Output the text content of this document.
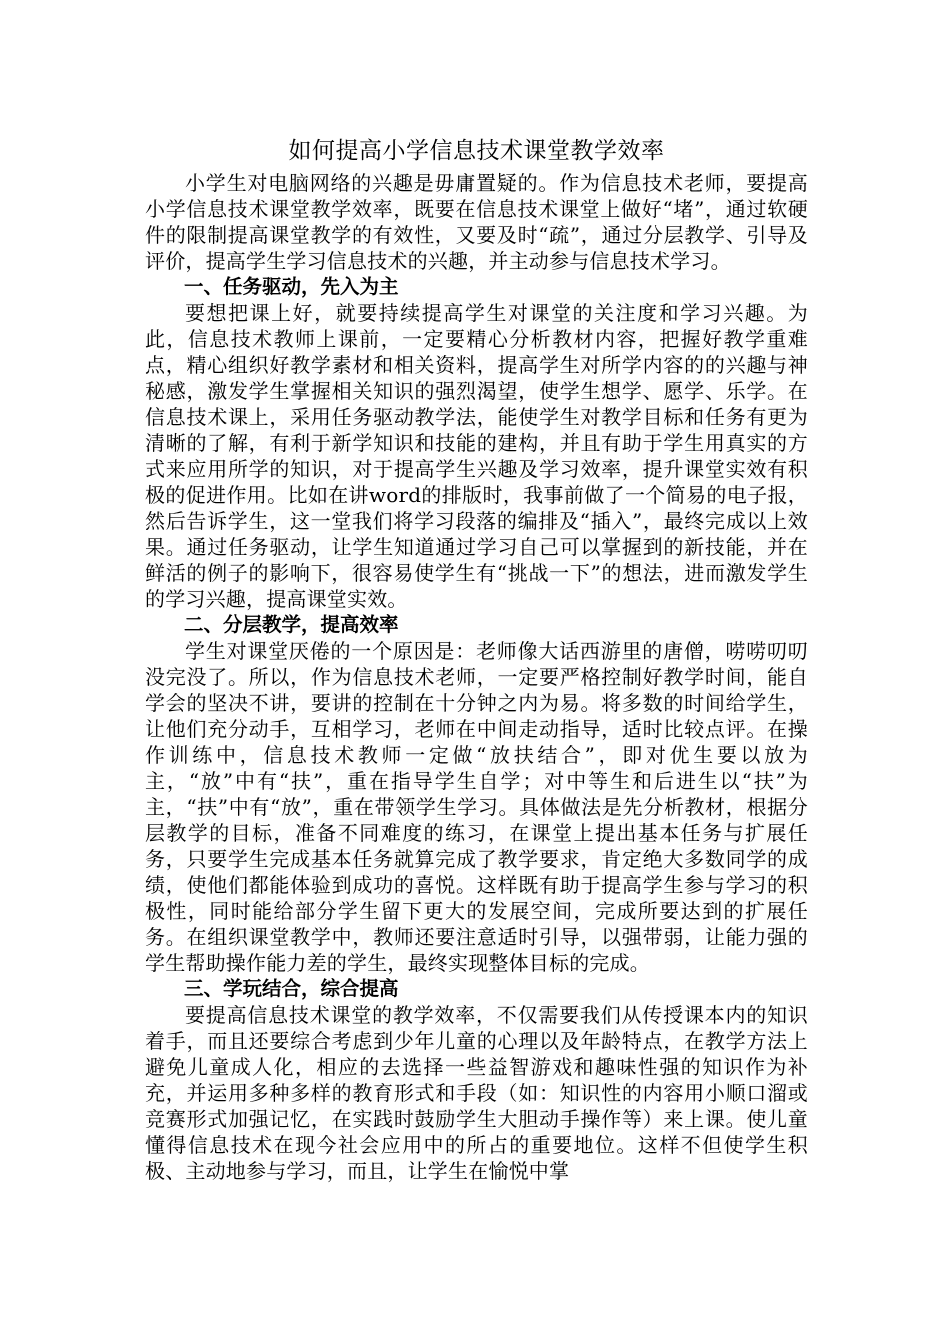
如何提高小学信息技术课堂教学效率

小学生对电脑网络的兴趣是毋庸置疑的。作为信息技术老师，要提高小学信息技术课堂教学效率，既要在信息技术课堂上做好“堵”，通过软硬件的限制提高课堂教学的有效性，又要及时“疏”，通过分层教学、引导及评价，提高学生学习信息技术的兴趣，并主动参与信息技术学习。

一、任务驱动，先入为主

要想把课上好，就要持续提高学生对课堂的关注度和学习兴趣。为此，信息技术教师上课前，一定要精心分析教材内容，把握好教学重难点，精心组织好教学素材和相关资料，提高学生对所学内容的的兴趣与神秘感，激发学生掌握相关知识的强烈渴望，使学生想学、愿学、乐学。在信息技术课上，采用任务驱动教学法，能使学生对教学目标和任务有更为清晰的了解，有利于新学知识和技能的建构，并且有助于学生用真实的方式来应用所学的知识，对于提高学生兴趣及学习效率，提升课堂实效有积极的促进作用。比如在讲word的排版时，我事前做了一个简易的电子报，然后告诉学生，这一堂我们将学习段落的编排及“插入”，最终完成以上效果。通过任务驱动，让学生知道通过学习自己可以掌握到的新技能，并在鲜活的例子的影响下，很容易使学生有“挑战一下”的想法，进而激发学生的学习兴趣，提高课堂实效。

二、分层教学，提高效率

学生对课堂厌倦的一个原因是：老师像大话西游里的唐僧，唠唠叨叨没完没了。所以，作为信息技术老师，一定要严格控制好教学时间，能自学会的坚决不讲，要讲的控制在十分钟之内为易。将多数的时间给学生，让他们充分动手，互相学习，老师在中间走动指导，适时比较点评。在操作训练中，信息技术教师一定做“放扶结合”，即对优生要以放为主，“放”中有“扶”，重在指导学生自学；对中等生和后进生以“扶”为主，“扶”中有“放”，重在带领学生学习。具体做法是先分析教材，根据分层教学的目标，准备不同难度的练习，在课堂上提出基本任务与扩展任务，只要学生完成基本任务就算完成了教学要求，肯定绝大多数同学的成绩，使他们都能体验到成功的喜悦。这样既有助于提高学生参与学习的积极性，同时能给部分学生留下更大的发展空间，完成所要达到的扩展任务。在组织课堂教学中，教师还要注意适时引导，以强带弱，让能力强的学生帮助操作能力差的学生，最终实现整体目标的完成。

三、学玩结合，综合提高

要提高信息技术课堂的教学效率，不仅需要我们从传授课本内的知识着手，而且还要综合考虑到少年儿童的心理以及年龄特点，在教学方法上避免儿童成人化，相应的去选择一些益智游戏和趣味性强的知识作为补充，并运用多种多样的教育形式和手段（如：知识性的内容用小顺口溜或竞赛形式加强记忆，在实践时鼓励学生大胆动手操作等）来上课。使儿童懂得信息技术在现今社会应用中的所占的重要地位。这样不但使学生积极、主动地参与学习，而且，让学生在愉悦中掌
